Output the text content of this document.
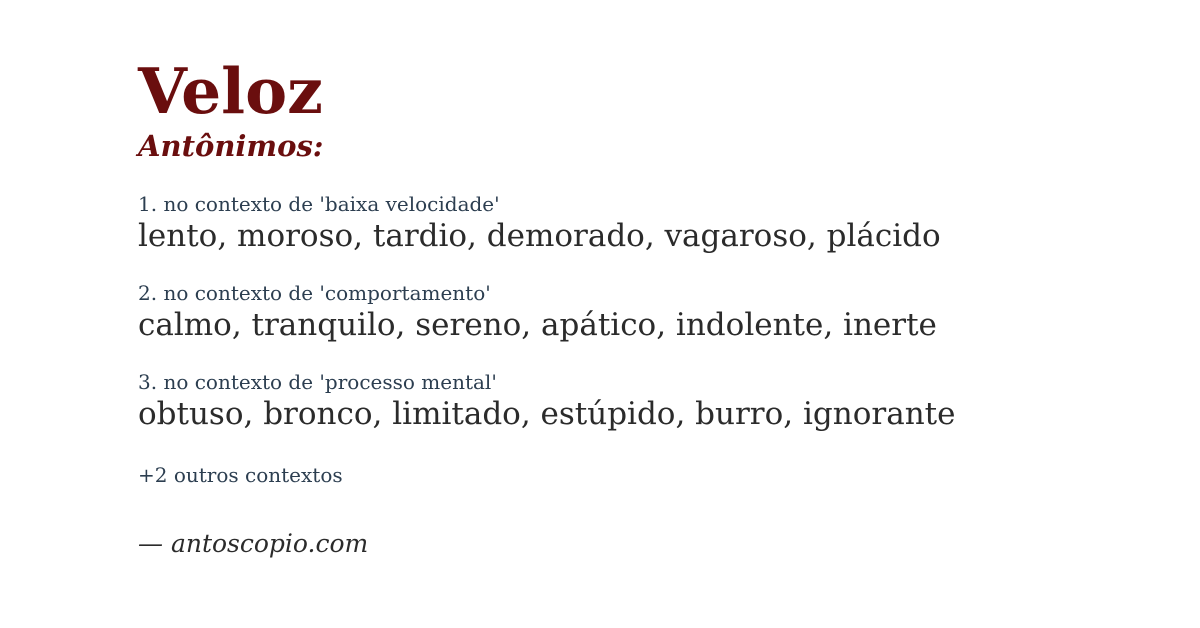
Veloz
Antônimos:
1. no contexto de 'baixa velocidade'
lento, moroso, tardio, demorado, vagaroso, plácido
2. no contexto de 'comportamento'
calmo, tranquilo, sereno, apático, indolente, inerte
3. no contexto de 'processo mental'
obtuso, bronco, limitado, estúpido, burro, ignorante
+2 outros contextos
— antoscopio.com
